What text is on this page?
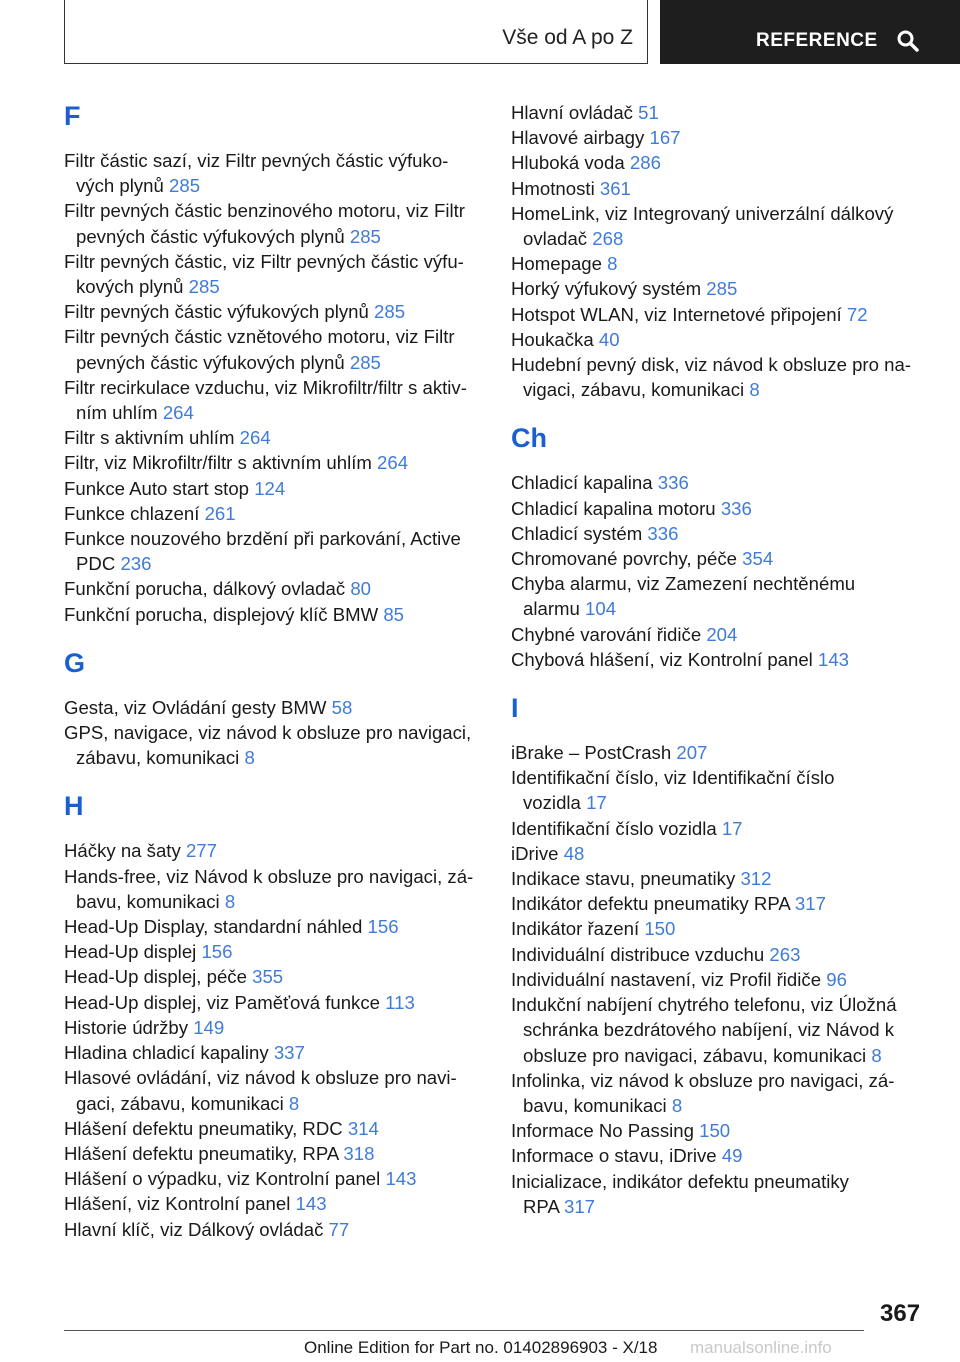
Vše od A po Z	REFERENCE
F
Filtr částic sazí, viz Filtr pevných částic výfuko-
vých plynů 285
Filtr pevných částic benzinového motoru, viz Filtr
pevných částic výfukových plynů 285
Filtr pevných částic, viz Filtr pevných částic výfu-
kových plynů 285
Filtr pevných částic výfukových plynů 285
Filtr pevných částic vznětového motoru, viz Filtr
pevných částic výfukových plynů 285
Filtr recirkulace vzduchu, viz Mikrofiltr/filtr s aktiv-
ním uhlím 264
Filtr s aktivním uhlím 264
Filtr, viz Mikrofiltr/filtr s aktivním uhlím 264
Funkce Auto start stop 124
Funkce chlazení 261
Funkce nouzového brzdění při parkování, Active
PDC 236
Funkční porucha, dálkový ovladač 80
Funkční porucha, displejový klíč BMW 85
G
Gesta, viz Ovládání gesty BMW 58
GPS, navigace, viz návod k obsluze pro navigaci,
zábavu, komunikaci 8
H
Háčky na šaty 277
Hands-free, viz Návod k obsluze pro navigaci, zá-
bavu, komunikaci 8
Head-Up Display, standardní náhled 156
Head-Up displej 156
Head-Up displej, péče 355
Head-Up displej, viz Paměťová funkce 113
Historie údržby 149
Hladina chladicí kapaliny 337
Hlasové ovládání, viz návod k obsluze pro navi-
gaci, zábavu, komunikaci 8
Hlášení defektu pneumatiky, RDC 314
Hlášení defektu pneumatiky, RPA 318
Hlášení o výpadku, viz Kontrolní panel 143
Hlášení, viz Kontrolní panel 143
Hlavní klíč, viz Dálkový ovládač 77
Hlavní ovládač 51
Hlavové airbagy 167
Hluboká voda 286
Hmotnosti 361
HomeLink, viz Integrovaný univerzální dálkový
ovladač 268
Homepage 8
Horký výfukový systém 285
Hotspot WLAN, viz Internetové připojení 72
Houkačka 40
Hudební pevný disk, viz návod k obsluze pro na-
vigaci, zábavu, komunikaci 8
Ch
Chladicí kapalina 336
Chladicí kapalina motoru 336
Chladicí systém 336
Chromované povrchy, péče 354
Chyba alarmu, viz Zamezení nechtěnému
alarmu 104
Chybné varování řidiče 204
Chybová hlášení, viz Kontrolní panel 143
I
iBrake – PostCrash 207
Identifikační číslo, viz Identifikační číslo
vozidla 17
Identifikační číslo vozidla 17
iDrive 48
Indikace stavu, pneumatiky 312
Indikátor defektu pneumatiky RPA 317
Indikátor řazení 150
Individuální distribuce vzduchu 263
Individuální nastavení, viz Profil řidiče 96
Indukční nabíjení chytrého telefonu, viz Úložná
schránka bezdrátového nabíjení, viz Návod k
obsluze pro navigaci, zábavu, komunikaci 8
Infolinka, viz návod k obsluze pro navigaci, zá-
bavu, komunikaci 8
Informace No Passing 150
Informace o stavu, iDrive 49
Inicializace, indikátor defektu pneumatiky
RPA 317
367
Online Edition for Part no. 01402896903 - X/18 manualsonline.info
